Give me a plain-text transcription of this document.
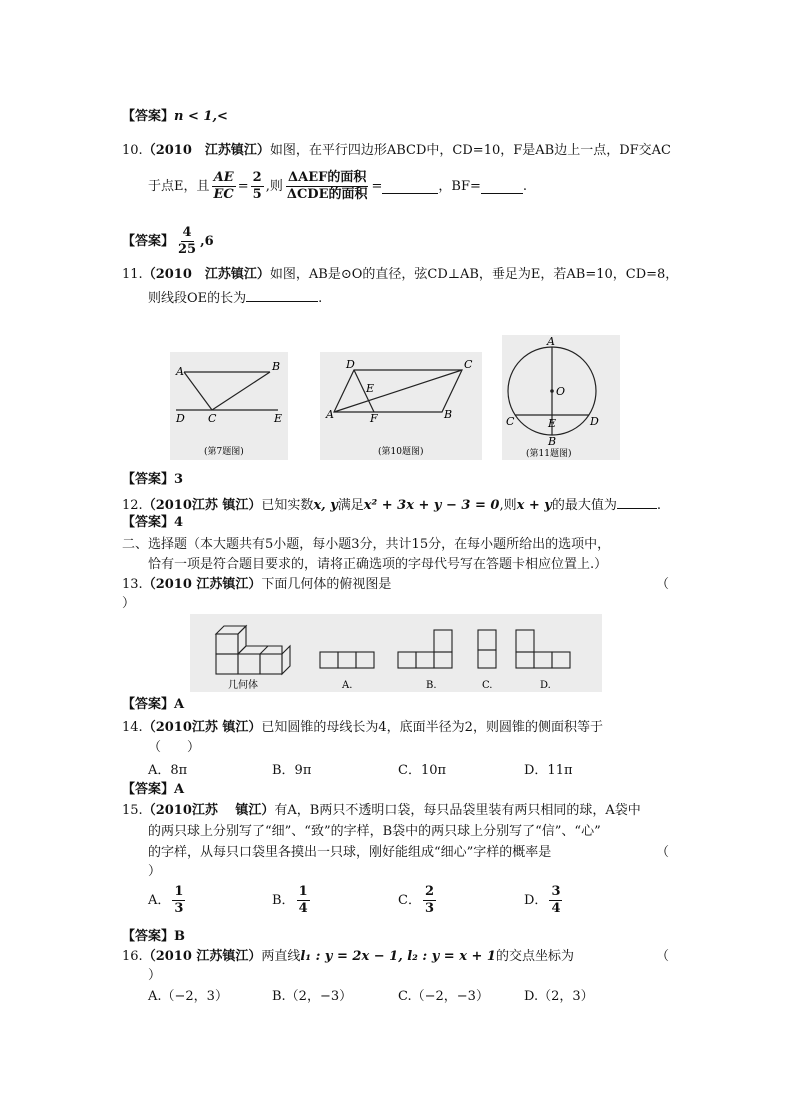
【答案】n < 1,<
10.（2010　江苏镇江）如图，在平行四边形ABCD中，CD=10，F是AB边上一点，DF交AC
于点E，且 $\frac{AE}{EC} = \frac{2}{5}$ ,则 $\frac{\text{ΔAEF的面积}}{\text{ΔCDE的面积}}$ =	，BF=	.
【答案】 $\frac{4}{25} ,6$
11.（2010　江苏镇江）如图，AB是⊙O的直径，弦CD⊥AB，垂足为E，若AB=10，CD=8，
则线段OE的长为	.
A	B
D C	E
(第7题图)
D	C
A	F	B
E
(第10题图)
A
O
C	D
E
B
(第11题图)
【答案】3
12.（2010江苏 镇江）已知实数x, y满足x² + 3x + y − 3 = 0,则x + y的最大值为	.
【答案】4
二、选择题（本大题共有5小题，每小题3分，共计15分，在每小题所给出的选项中，
恰有一项是符合题目要求的，请将正确选项的字母代号写在答题卡相应位置上.）
13.（2010 江苏镇江）下面几何体的俯视图是	（
）
几何体	A.	B.	C.	D.
【答案】A
14.（2010江苏 镇江）已知圆锥的母线长为4，底面半径为2，则圆锥的侧面积等于
（　　）
A．8π	B．9π	C．10π	D．11π
【答案】A
15.（2010江苏　 镇江）有A，B两只不透明口袋，每只品袋里装有两只相同的球，A袋中
的两只球上分别写了“细”、“致”的字样，B袋中的两只球上分别写了“信”、“心”
的字样，从每只口袋里各摸出一只球，刚好能组成“细心”字样的概率是	（
）
A． $\frac{1}{3}$	B． $\frac{1}{4}$	C． $\frac{2}{3}$	D． $\frac{3}{4}$
【答案】B
16.（2010 江苏镇江）两直线l₁ : y = 2x − 1, l₂ : y = x + 1的交点坐标为	（
）
A.（−2，3）	B.（2，−3）	C.（−2，−3）	D.（2，3）
